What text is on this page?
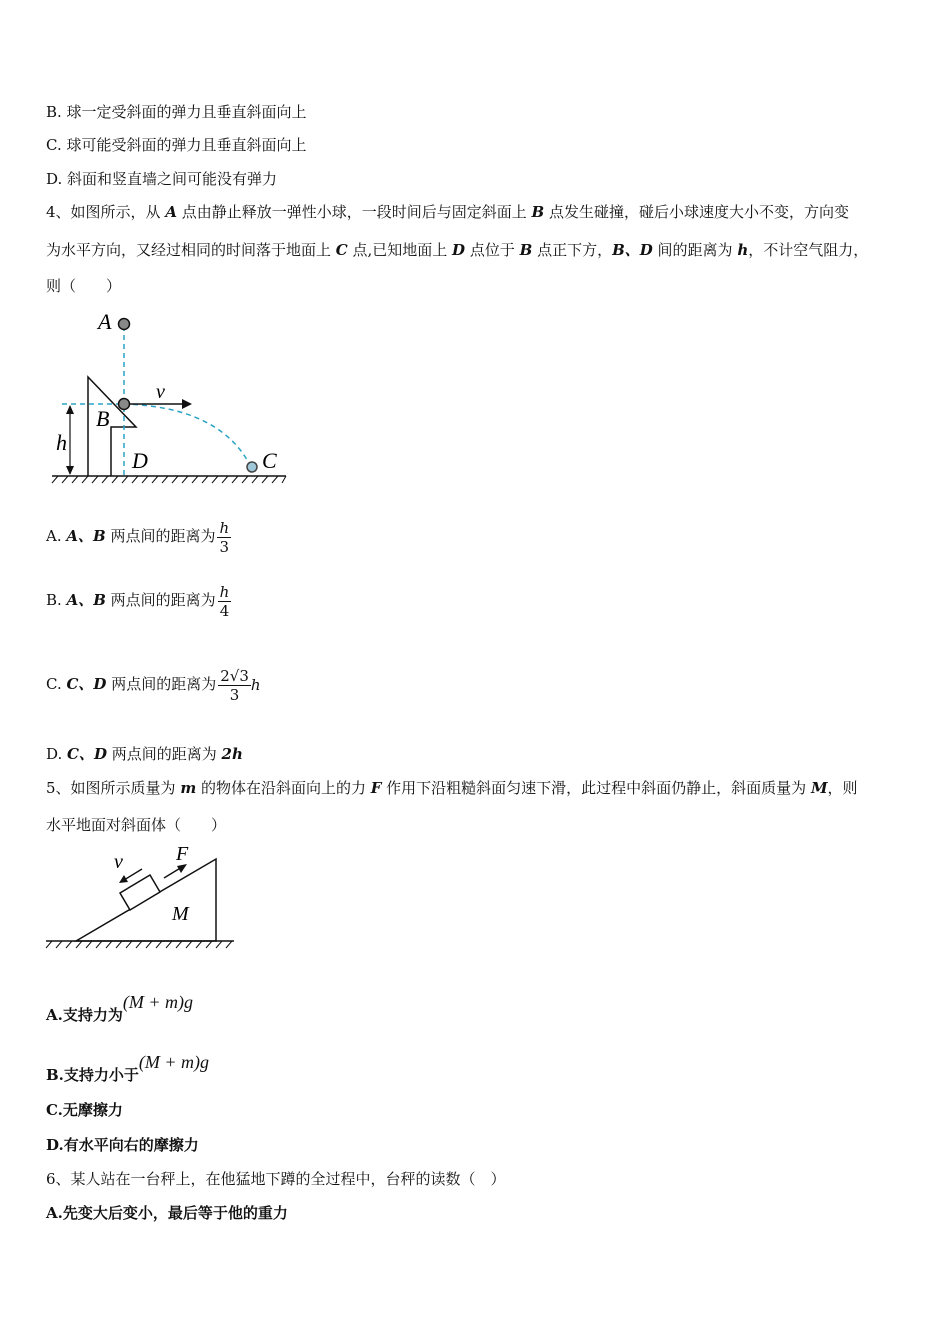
B. 球一定受斜面的弹力且垂直斜面向上
C. 球可能受斜面的弹力且垂直斜面向上
D. 斜面和竖直墙之间可能没有弹力
4、如图所示，从 A 点由静止释放一弹性小球，一段时间后与固定斜面上 B 点发生碰撞，碰后小球速度大小不变，方向变
为水平方向，又经过相同的时间落于地面上 C 点,已知地面上 D 点位于 B 点正下方，B、D 间的距离为 h，不计空气阻力，
则（　　）
A
B
v
h
D	C
A. A、B 两点间的距离为 $\frac{h}{3}$
B. A、B 两点间的距离为 $\frac{h}{4}$
C. C、D 两点间的距离为 $\frac{2√3}{3}$ h
D. C、D 两点间的距离为 2h
5、如图所示质量为 m 的物体在沿斜面向上的力 F 作用下沿粗糙斜面匀速下滑，此过程中斜面仍静止，斜面质量为 M，则
水平地面对斜面体（　　）
v	F
M
A.支持力为(M + m)g
B.支持力小于(M + m)g
C.无摩擦力
D.有水平向右的摩擦力
6、某人站在一台秤上，在他猛地下蹲的全过程中，台秤的读数（　）
A.先变大后变小，最后等于他的重力
